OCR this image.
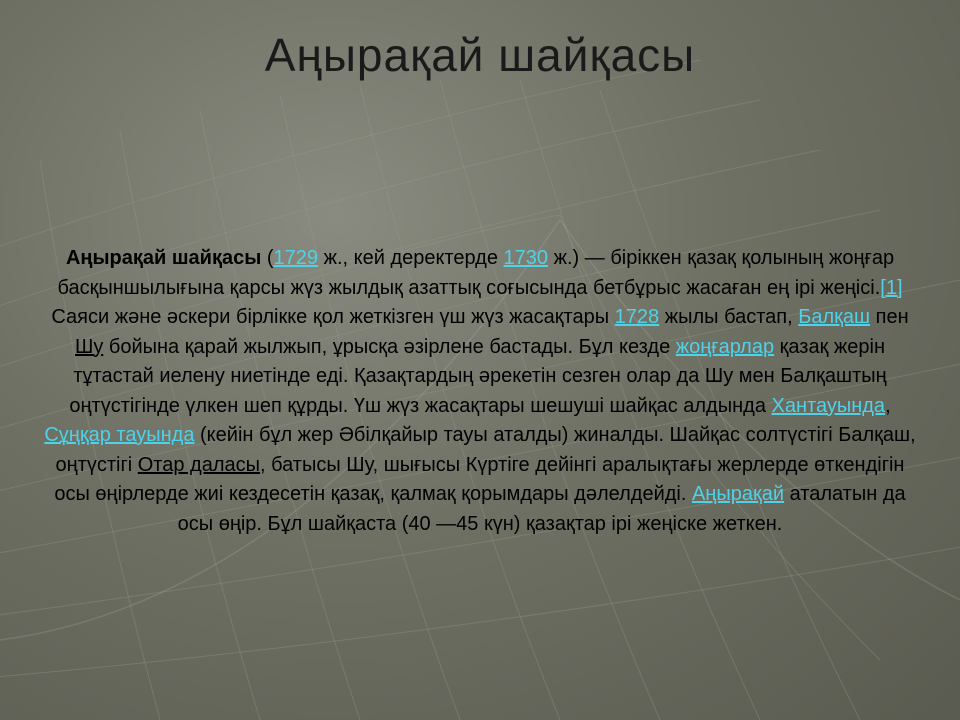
Аңырақай шайқасы

Аңырақай шайқасы (1729 ж., кей деректерде 1730 ж.) — біріккен қазақ қолының жоңғар басқыншылығына қарсы жүз жылдық азаттық соғысында бетбұрыс жасаған ең ірі жеңісі.[1]

Саяси және әскери бірлікке қол жеткізген үш жүз жасақтары 1728 жылы бастап, Балқаш пен Шу бойына қарай жылжып, ұрысқа әзірлене бастады. Бұл кезде жоңғарлар қазақ жерін тұтастай иелену ниетінде еді. Қазақтардың әрекетін сезген олар да Шу мен Балқаштың оңтүстігінде үлкен шеп құрды. Үш жүз жасақтары шешуші шайқас алдында Хантауында, Сұңқар тауында (кейін бұл жер Әбілқайыр тауы аталды) жиналды. Шайқас солтүстігі Балқаш, оңтүстігі Отар даласы, батысы Шу, шығысы Күртіге дейінгі аралықтағы жерлерде өткендігін осы өңірлерде жиі кездесетін қазақ, қалмақ қорымдары дәлелдейді. Аңырақай аталатын да осы өңір. Бұл шайқаста (40 —45 күн) қазақтар ірі жеңіске жеткен.
